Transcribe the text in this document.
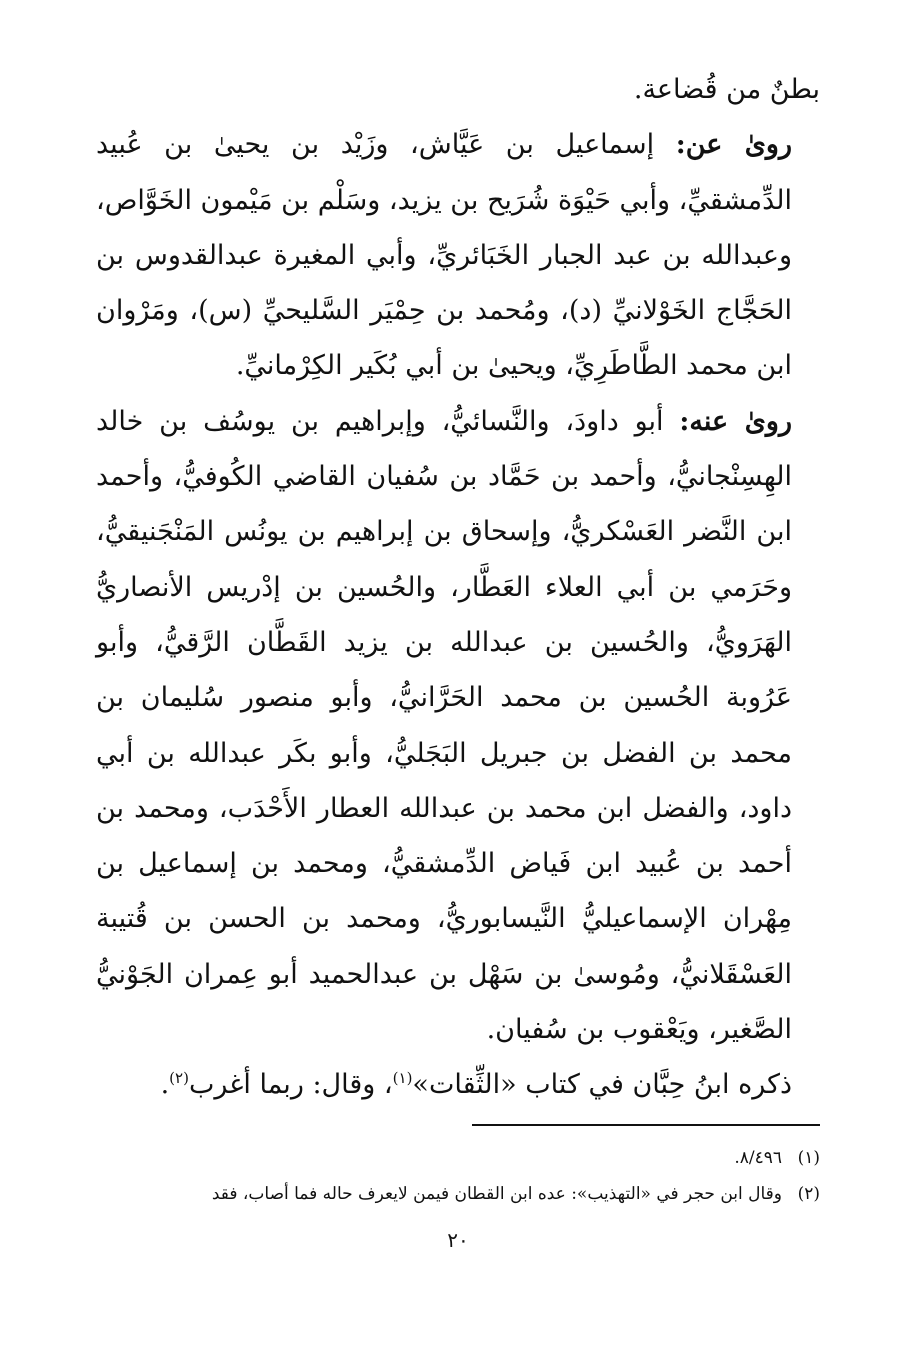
بطنٌ من قُضاعة.

روىٰ عن: إسماعيل بن عَيَّاش، وزَيْد بن يحيىٰ بن عُبيد الدِّمشقيِّ، وأبي حَيْوَة شُرَيح بن يزيد، وسَلْم بن مَيْمون الخَوَّاص، وعبدالله بن عبد الجبار الخَبَائريِّ، وأبي المغيرة عبدالقدوس بن الحَجَّاج الخَوْلانيِّ (د)، ومُحمد بن حِمْيَر السَّليحيِّ (س)، ومَرْوان ابن محمد الطَّاطَرِيِّ، ويحيىٰ بن أبي بُكَير الكِرْمانيِّ.

روىٰ عنه: أبو داودَ، والنَّسائيُّ، وإبراهيم بن يوسُف بن خالد الهِسِنْجانيُّ، وأحمد بن حَمَّاد بن سُفيان القاضي الكُوفيُّ، وأحمد ابن النَّضر العَسْكريُّ، وإسحاق بن إبراهيم بن يونُس المَنْجَنيقيُّ، وحَرَمي بن أبي العلاء العَطَّار، والحُسين بن إدْريس الأنصاريُّ الهَرَويُّ، والحُسين بن عبدالله بن يزيد القَطَّان الرَّقيُّ، وأبو عَرُوبة الحُسين بن محمد الحَرَّانيُّ، وأبو منصور سُليمان بن محمد بن الفضل بن جبريل البَجَليُّ، وأبو بكَر عبدالله بن أبي داود، والفضل ابن محمد بن عبدالله العطار الأَحْدَب، ومحمد بن أحمد بن عُبيد ابن فَياض الدِّمشقيُّ، ومحمد بن إسماعيل بن مِهْران الإسماعيليُّ النَّيسابوريُّ، ومحمد بن الحسن بن قُتيبة العَسْقَلانيُّ، ومُوسىٰ بن سَهْل بن عبدالحميد أبو عِمران الجَوْنيُّ الصَّغير، ويَعْقوب بن سُفيان.

ذكره ابنُ حِبَّان في كتاب «الثِّقات»$^{(١)}$، وقال: ربما أغرب$^{(٢)}$.

(١)٨/٤٩٦.
(٢)وقال ابن حجر في «التهذيب»: عده ابن القطان فيمن لايعرف حاله فما أصاب، فقد
٢٠
